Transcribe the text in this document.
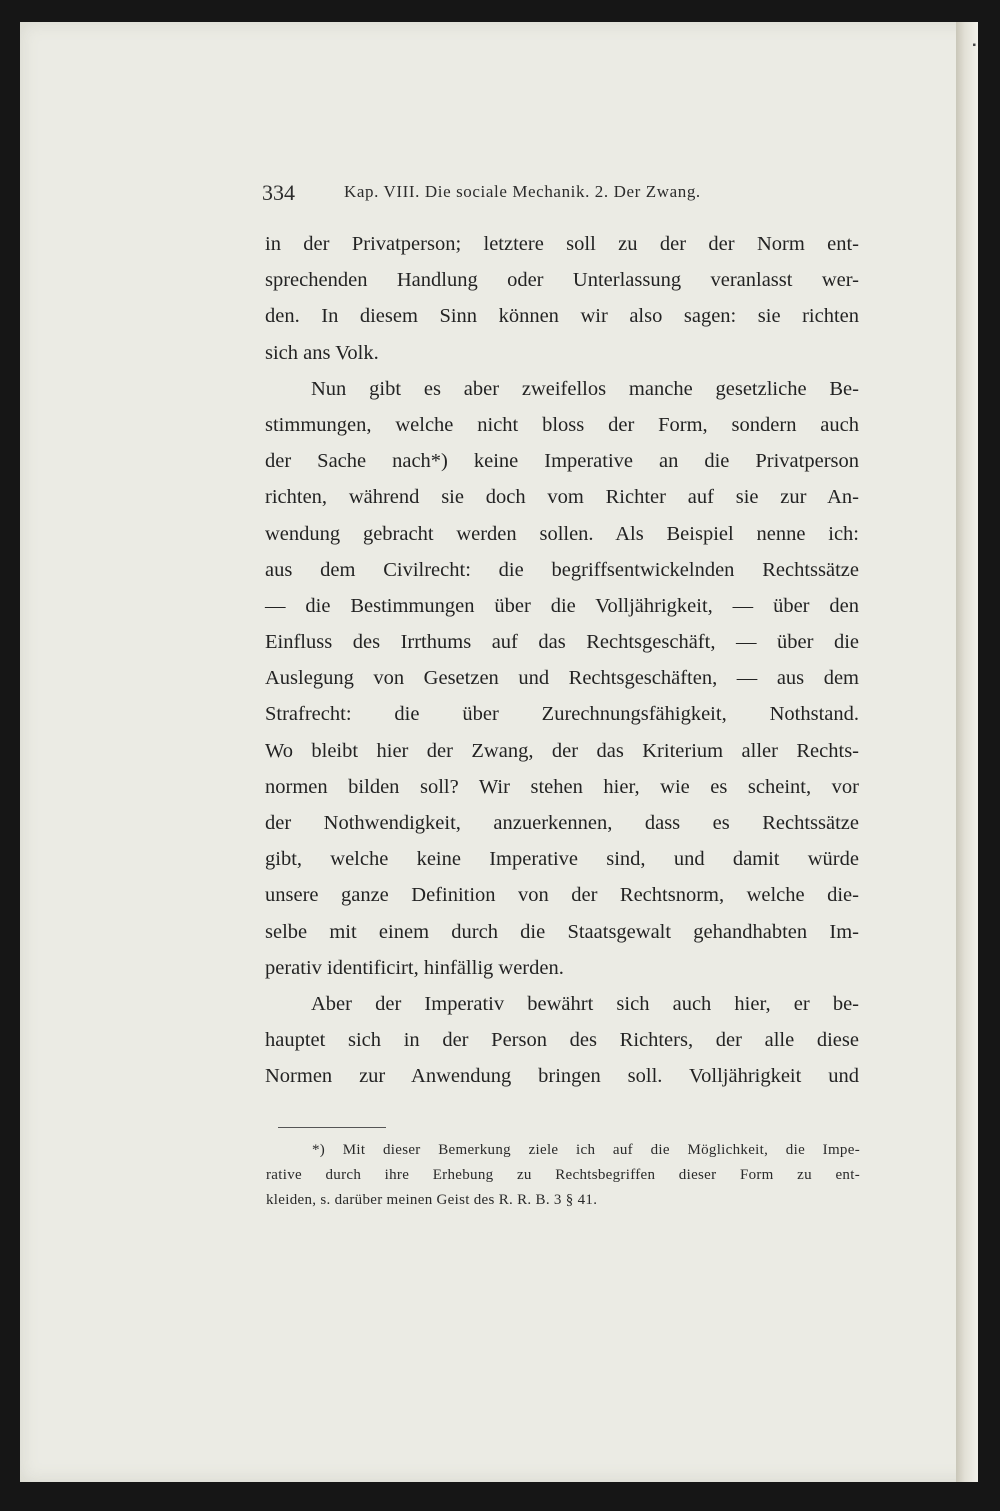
▪
334	Kap. VIII. Die sociale Mechanik. 2. Der Zwang.
in der Privatperson; letztere soll zu der der Norm ent-
sprechenden Handlung oder Unterlassung veranlasst wer-
den. In diesem Sinn können wir also sagen: sie richten
sich ans Volk.
Nun gibt es aber zweifellos manche gesetzliche Be-
stimmungen, welche nicht bloss der Form, sondern auch
der Sache nach*) keine Imperative an die Privatperson
richten, während sie doch vom Richter auf sie zur An-
wendung gebracht werden sollen. Als Beispiel nenne ich:
aus dem Civilrecht: die begriffsentwickelnden Rechtssätze
— die Bestimmungen über die Volljährigkeit, — über den
Einfluss des Irrthums auf das Rechtsgeschäft, — über die
Auslegung von Gesetzen und Rechtsgeschäften, — aus dem
Strafrecht: die über Zurechnungsfähigkeit, Nothstand.
Wo bleibt hier der Zwang, der das Kriterium aller Rechts-
normen bilden soll? Wir stehen hier, wie es scheint, vor
der Nothwendigkeit, anzuerkennen, dass es Rechtssätze
gibt, welche keine Imperative sind, und damit würde
unsere ganze Definition von der Rechtsnorm, welche die-
selbe mit einem durch die Staatsgewalt gehandhabten Im-
perativ identificirt, hinfällig werden.
Aber der Imperativ bewährt sich auch hier, er be-
hauptet sich in der Person des Richters, der alle diese
Normen zur Anwendung bringen soll. Volljährigkeit und
*) Mit dieser Bemerkung ziele ich auf die Möglichkeit, die Impe-
rative durch ihre Erhebung zu Rechtsbegriffen dieser Form zu ent-
kleiden, s. darüber meinen Geist des R. R. B. 3 § 41.
